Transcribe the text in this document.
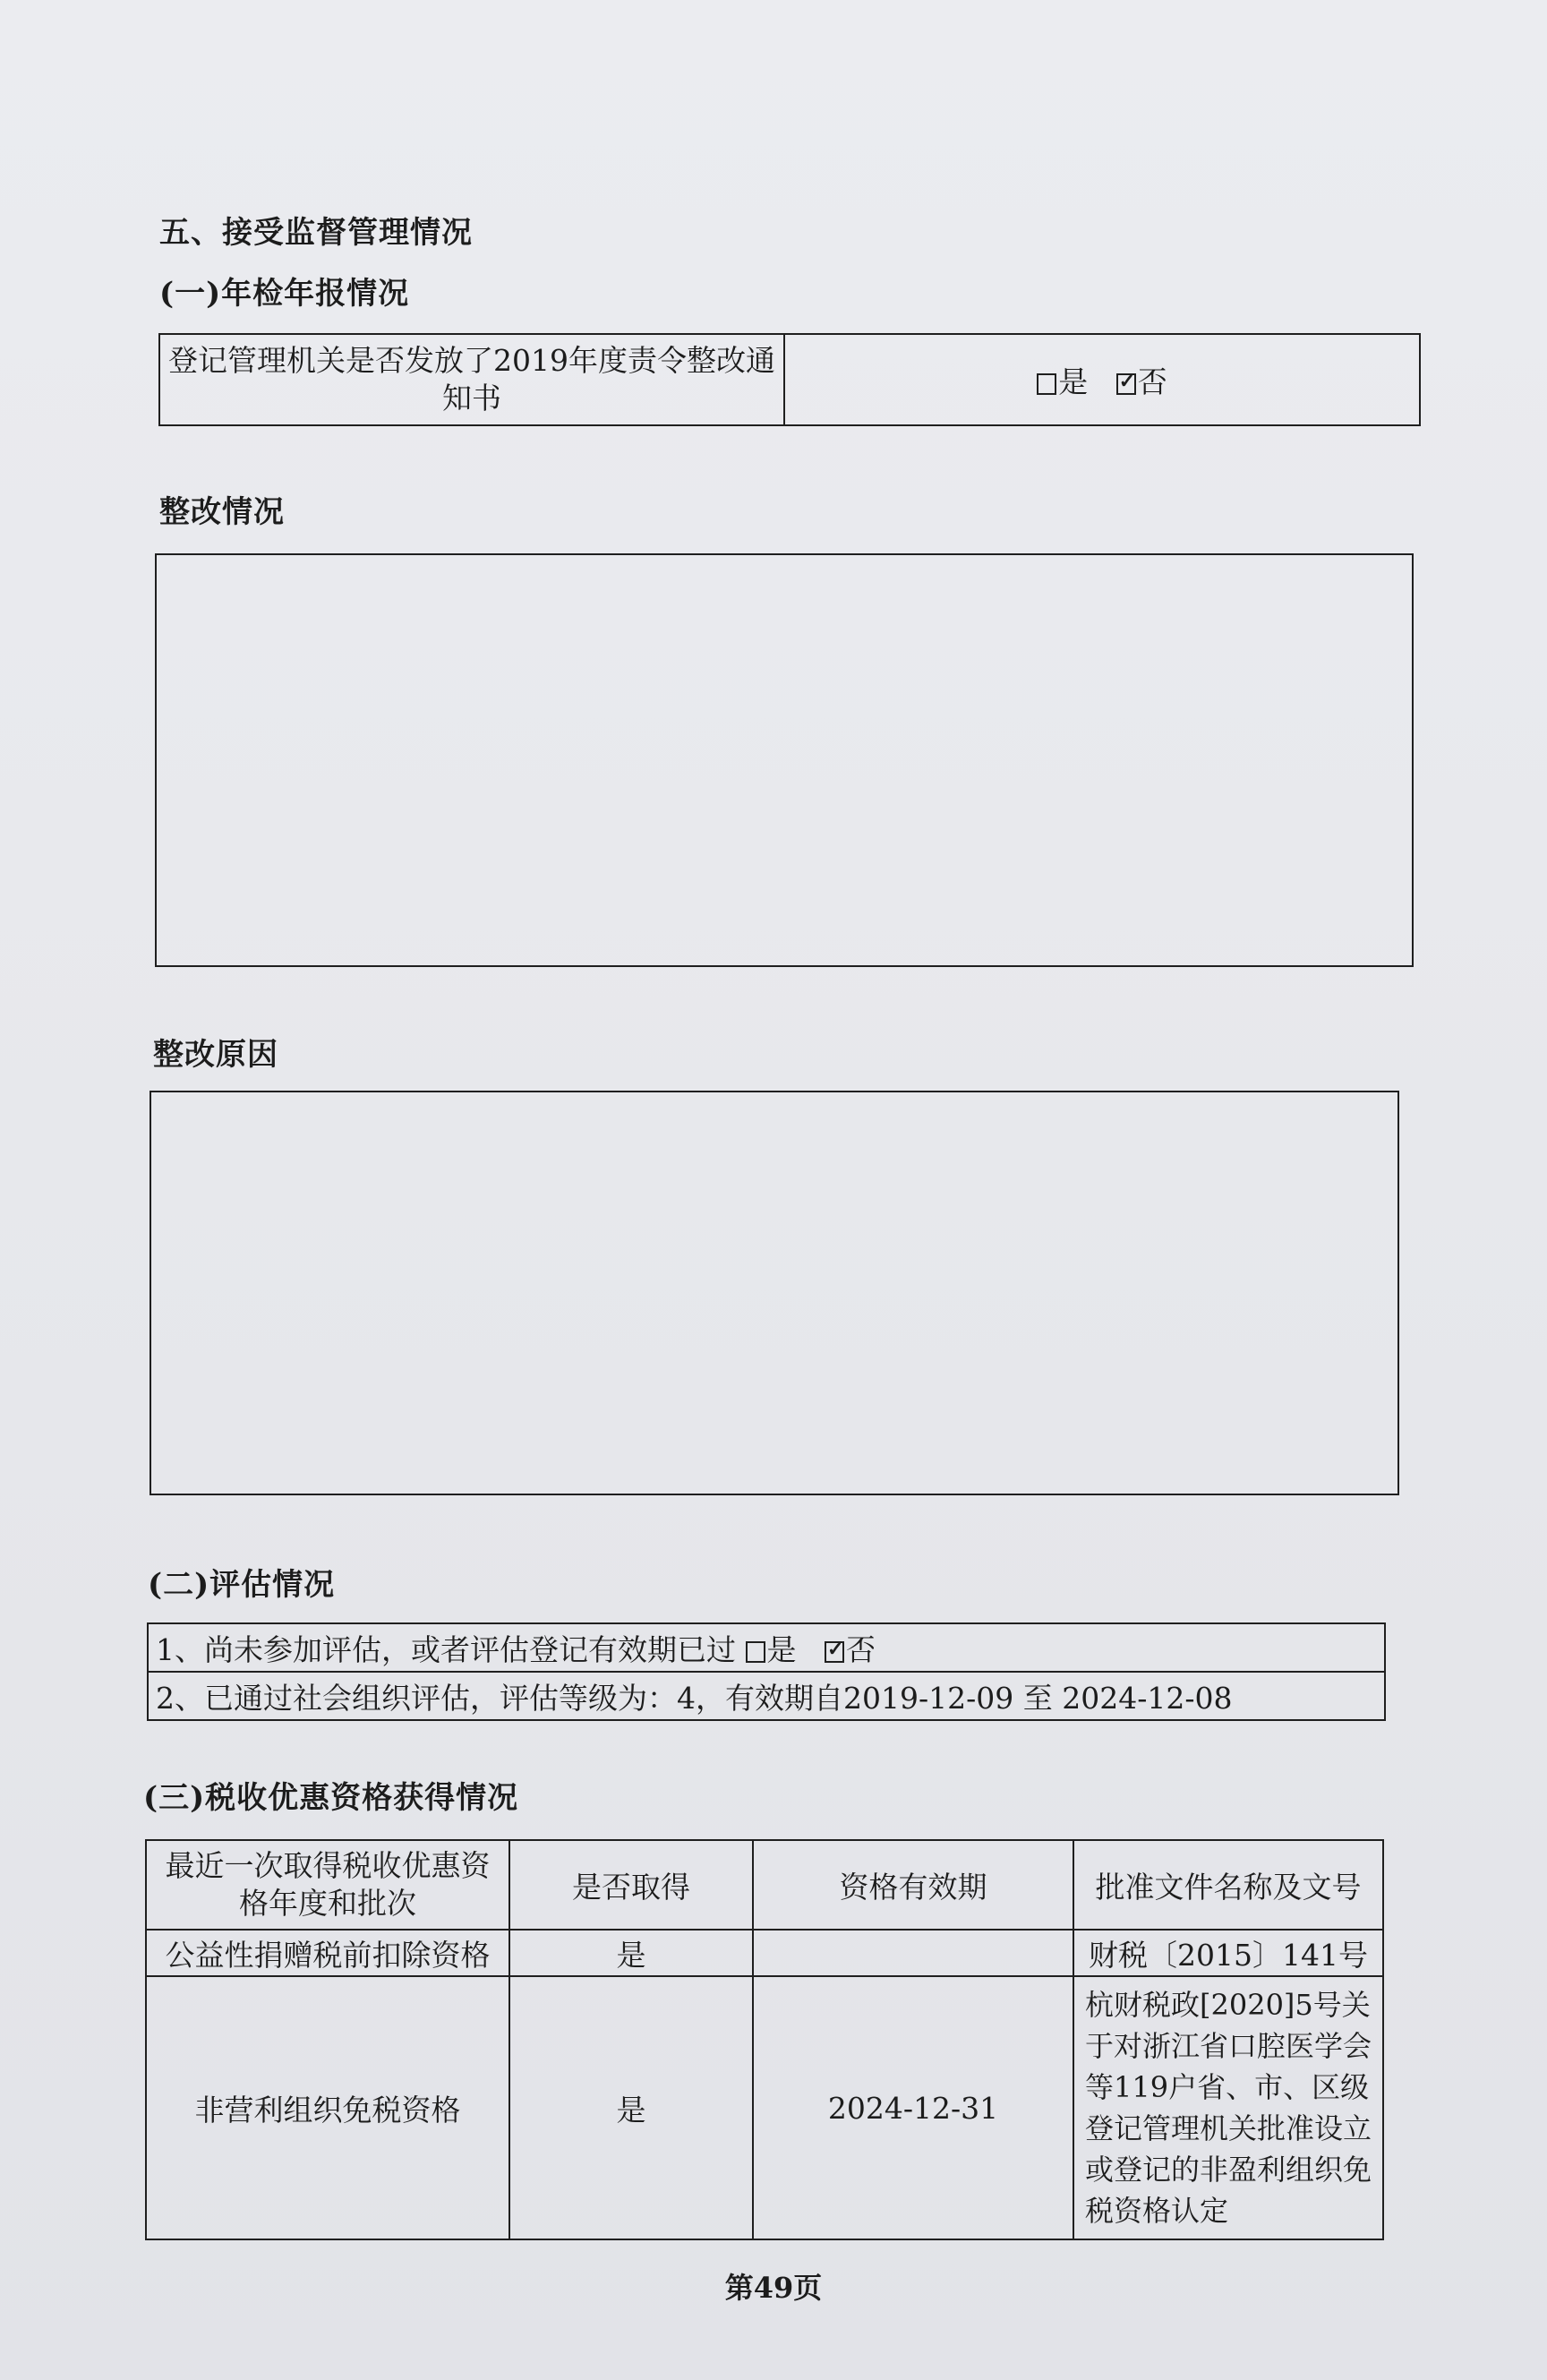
五、接受监督管理情况
(一)年检年报情况
登记管理机关是否发放了2019年度责令整改通知书	是 ✓ 否
整改情况
整改原因
(二)评估情况
1、尚未参加评估，或者评估登记有效期已过 是 ✓ 否
2、已通过社会组织评估，评估等级为：4，有效期自2019-12-09 至 2024-12-08
(三)税收优惠资格获得情况
最近一次取得税收优惠资格年度和批次	是否取得	资格有效期	批准文件名称及文号
公益性捐赠税前扣除资格	是		财税〔2015〕141号
非营利组织免税资格	是	2024-12-31	杭财税政[2020]5号关于对浙江省口腔医学会等119户省、市、区级登记管理机关批准设立或登记的非盈利组织免税资格认定
第49页
